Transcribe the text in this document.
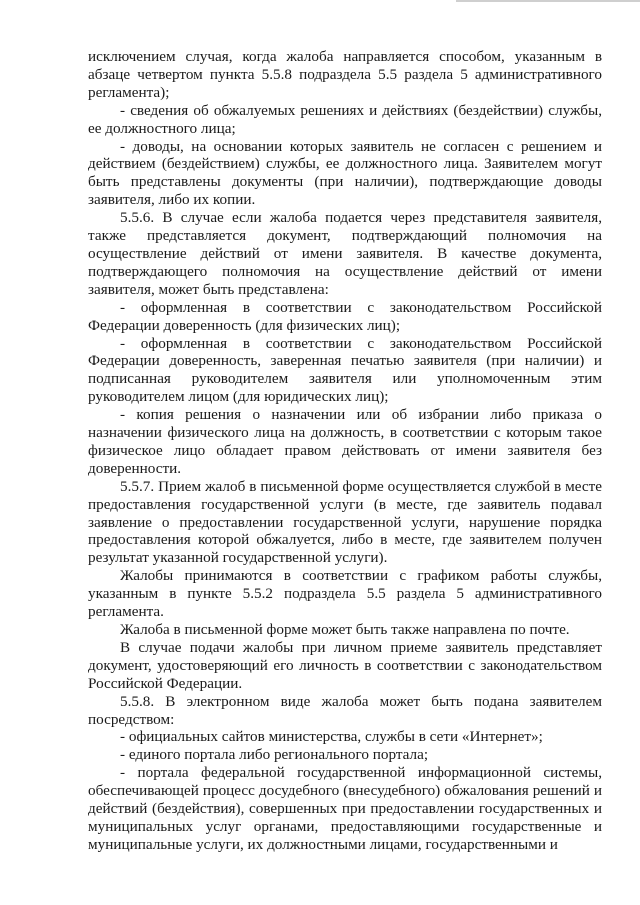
исключением случая, когда жалоба направляется способом, указанным в абзаце четвертом пункта 5.5.8 подраздела 5.5 раздела 5 административного регламента);

- сведения об обжалуемых решениях и действиях (бездействии) службы, ее должностного лица;

- доводы, на основании которых заявитель не согласен с решением и действием (бездействием) службы, ее должностного лица. Заявителем могут быть представлены документы (при наличии), подтверждающие доводы заявителя, либо их копии.

5.5.6. В случае если жалоба подается через представителя заявителя, также представляется документ, подтверждающий полномочия на осуществление действий от имени заявителя. В качестве документа, подтверждающего полномочия на осуществление действий от имени заявителя, может быть представлена:

- оформленная в соответствии с законодательством Российской Федерации доверенность (для физических лиц);

- оформленная в соответствии с законодательством Российской Федерации доверенность, заверенная печатью заявителя (при наличии) и подписанная руководителем заявителя или уполномоченным этим руководителем лицом (для юридических лиц);

- копия решения о назначении или об избрании либо приказа о назначении физического лица на должность, в соответствии с которым такое физическое лицо обладает правом действовать от имени заявителя без доверенности.

5.5.7. Прием жалоб в письменной форме осуществляется службой в месте предоставления государственной услуги (в месте, где заявитель подавал заявление о предоставлении государственной услуги, нарушение порядка предоставления которой обжалуется, либо в месте, где заявителем получен результат указанной государственной услуги).

Жалобы принимаются в соответствии с графиком работы службы, указанным в пункте 5.5.2 подраздела 5.5 раздела 5 административного регламента.

Жалоба в письменной форме может быть также направлена по почте.

В случае подачи жалобы при личном приеме заявитель представляет документ, удостоверяющий его личность в соответствии с законодательством Российской Федерации.

5.5.8. В электронном виде жалоба может быть подана заявителем посредством:

- официальных сайтов министерства, службы в сети «Интернет»;

- единого портала либо регионального портала;

- портала федеральной государственной информационной системы, обеспечивающей процесс досудебного (внесудебного) обжалования решений и действий (бездействия), совершенных при предоставлении государственных и муниципальных услуг органами, предоставляющими государственные и муниципальные услуги, их должностными лицами, государственными и
